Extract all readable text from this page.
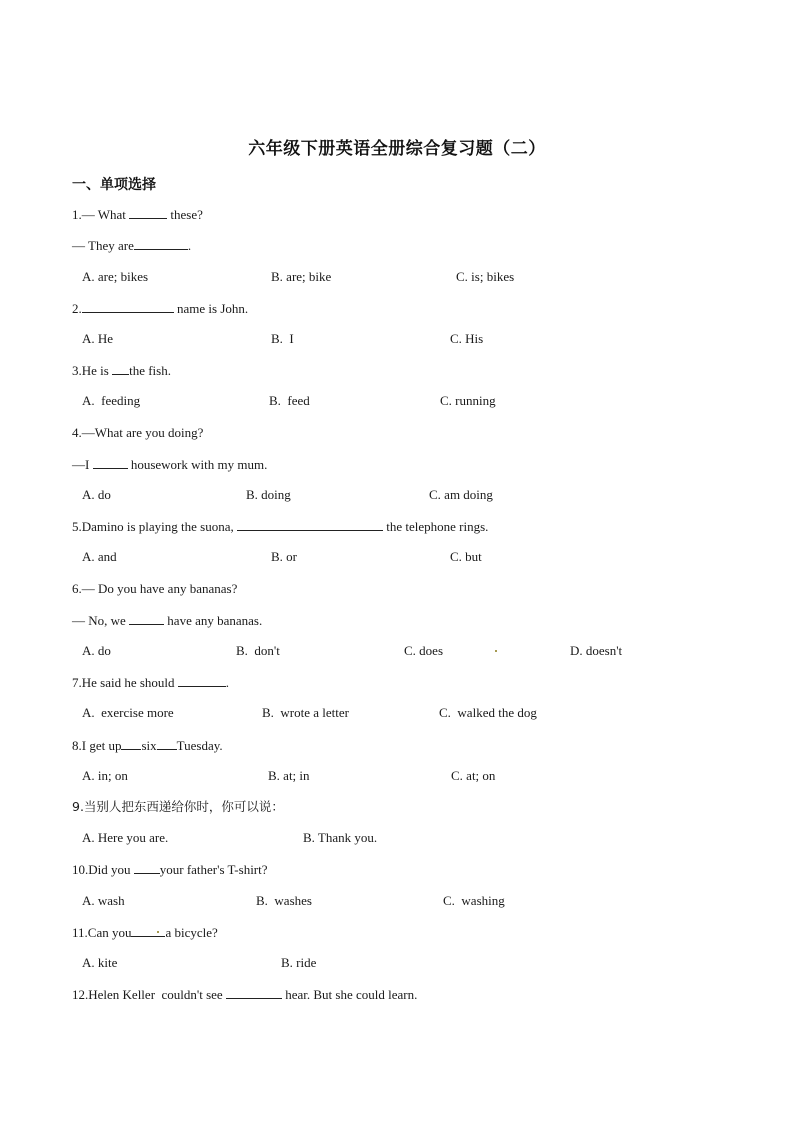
六年级下册英语全册综合复习题（二）
一、单项选择
1.— What	these?
— They are	.
A. are; bikes	B. are; bike	C. is; bikes
2.	name is John.
A. He	B.  I	C. His
3.He is the fish.
A.  feeding	B.  feed	C. running
4.—What are you doing?
—I	housework with my mum.
A. do	B. doing	C. am doing
5.Damino is playing the suona,	the telephone rings.
A. and	B. or	C. but
6.— Do you have any bananas?
— No, we	have any bananas.
A. do	B.  don't	C. does	D. doesn't
7.He said he should	.
A.  exercise more	B.  wrote a letter	C.  walked the dog
8.I get up six Tuesday.
A. in; on	B. at; in	C. at; on
9.当别人把东西递给你时，你可以说：
A. Here you are.	B. Thank you.
10.Did you your father's T-shirt?
A. wash	B.  washes	C.  washing
11.Can you	a bicycle?
A. kite	B. ride
12.Helen Keller  couldn't see	hear. But she could learn.
